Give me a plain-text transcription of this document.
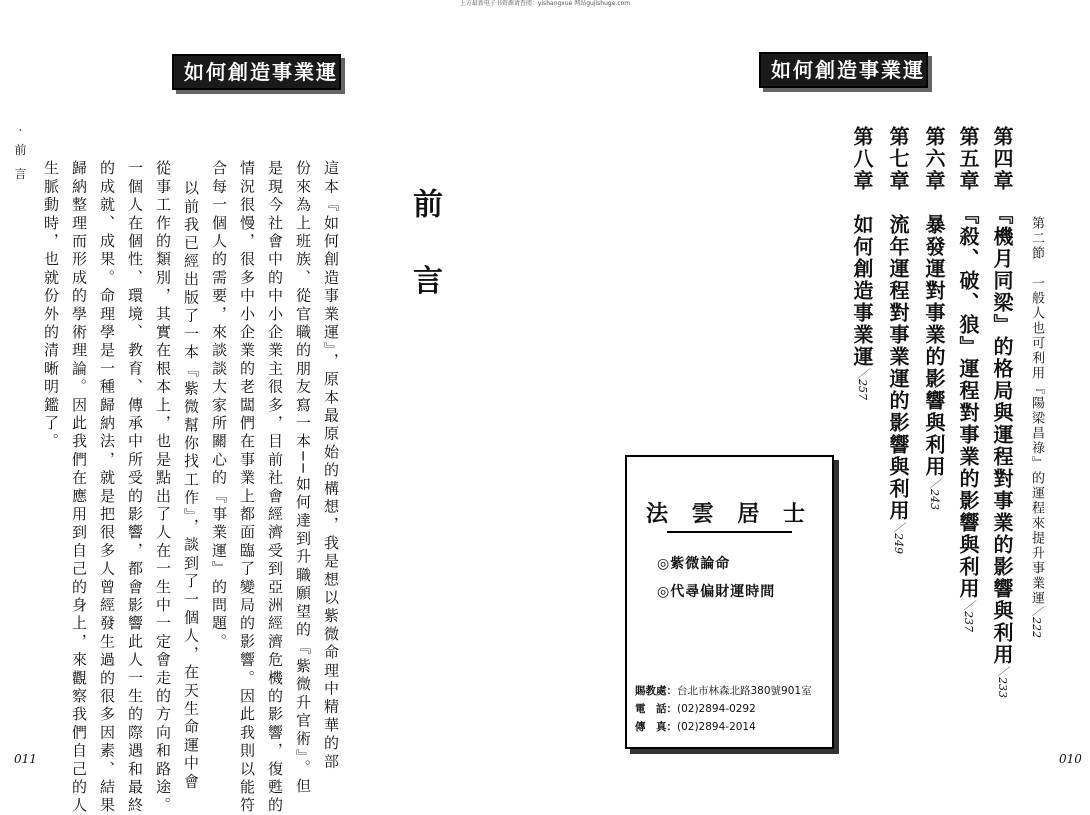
上方最新电子书资源请查阅：yishangxue 网站gujishuge.com
如何創造事業運
‧ 前 言
這本『如何創造事業運』，原本最原始的構想，我是想以紫微命理中精華的部
份來為上班族、從官職的朋友寫一本──如何達到升職願望的『紫微升官術』。但
是現今社會中的中小企業主很多，目前社會經濟受到亞洲經濟危機的影響，復甦的
情況很慢，很多中小企業的老闆們在事業上都面臨了變局的影響。因此我則以能符
合每一個人的需要，來談談大家所關心的『事業運』的問題。
以前我已經出版了一本『紫微幫你找工作』，談到了一個人，在天生命運中會
從事工作的類別，其實在根本上，也是點出了人在一生中一定會走的方向和路途。
一個人在個性、環境、教育、傳承中所受的影響，都會影響此人一生的際遇和最終
的成就、成果。命理學是一種歸納法，就是把很多人曾經發生過的很多因素、結果
歸納整理而形成的學術理論。因此我們在應用到自己的身上，來觀察我們自己的人
生脈動時，也就份外的清晰明鑑了。	前 言
011
如何創造事業運
第二節　一般人也可利用『陽梁昌祿』的運程來提升事業運／222
第四章　『機月同梁』的格局與運程對事業的影響與利用／233
第五章　『殺、破、狼』運程對事業的影響與利用／237
第六章　暴發運對事業的影響與利用／243
第七章　流年運程對事業運的影響與利用／249
第八章　如何創造事業運／257
法 雲 居 士
◎紫微論命
◎代尋偏財運時間
賜教處：台北市林森北路380號901室
電　話：(02)2894-0292
傳　真：(02)2894-2014
010
